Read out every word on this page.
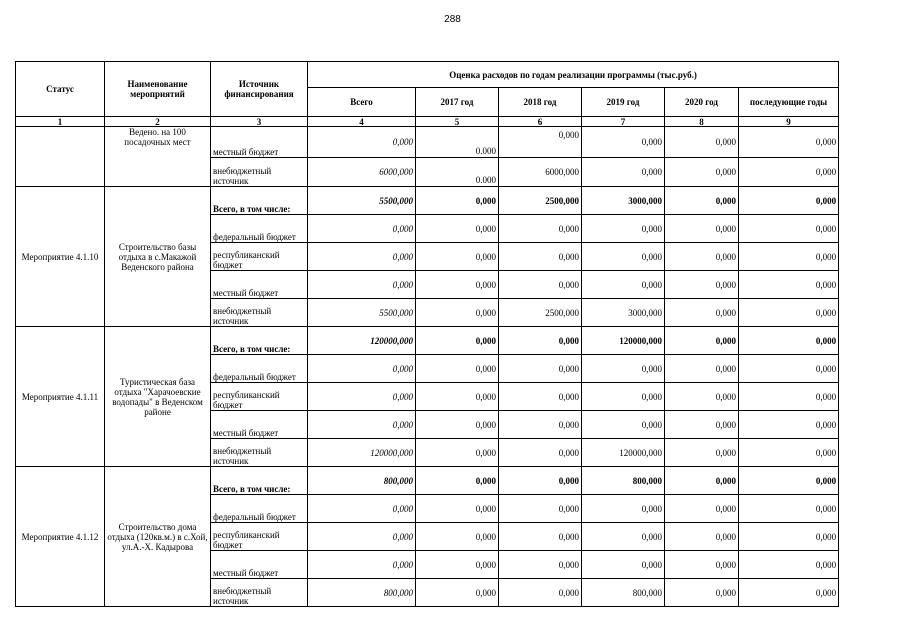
288
Статус	Наименование мероприятий	Источник финансирования	Оценка расходов по годам реализации программы (тыс.руб.)					
			Всего	2017 год	2018 год	2019 год	2020 год	последующие годы
1	2	3	4	5	6	7	8	9
	Ведено. на 100 посадочных мест	местный бюджет	0,000	0.000	0,000	0,000	0,000	0,000
		внебюджетный источник	6000,000	0.000	6000,000	0,000	0,000	0,000
Мероприятие 4.1.10	Строительство базы отдыха в с.Макажой Веденского района	Всего, в том числе:	5500,000	0,000	2500,000	3000,000	0,000	0,000
		федеральный бюджет	0,000	0,000	0,000	0,000	0,000	0,000
		республиканский бюджет	0,000	0,000	0,000	0,000	0,000	0,000
		местный бюджет	0,000	0,000	0,000	0,000	0,000	0,000
		внебюджетный источник	5500,000	0,000	2500,000	3000,000	0,000	0,000
Мероприятие 4.1.11	Туристическая база отдыха "Харачоевские водопады" в Веденском районе	Всего, в том числе:	120000,000	0,000	0,000	120000,000	0,000	0,000
		федеральный бюджет	0,000	0,000	0,000	0,000	0,000	0,000
		республиканский бюджет	0,000	0,000	0,000	0,000	0,000	0,000
		местный бюджет	0,000	0,000	0,000	0,000	0,000	0,000
		внебюджетный источник	120000,000	0,000	0,000	120000,000	0,000	0,000
Мероприятие 4.1.12	Строительство дома отдыха (120кв.м.) в с.Хой, ул.А.-Х. Кадырова	Всего, в том числе:	800,000	0,000	0,000	800,000	0,000	0,000
		федеральный бюджет	0,000	0,000	0,000	0,000	0,000	0,000
		республиканский бюджет	0,000	0,000	0,000	0,000	0,000	0,000
		местный бюджет	0,000	0,000	0,000	0,000	0,000	0,000
		внебюджетный источник	800,000	0,000	0,000	800,000	0,000	0,000
